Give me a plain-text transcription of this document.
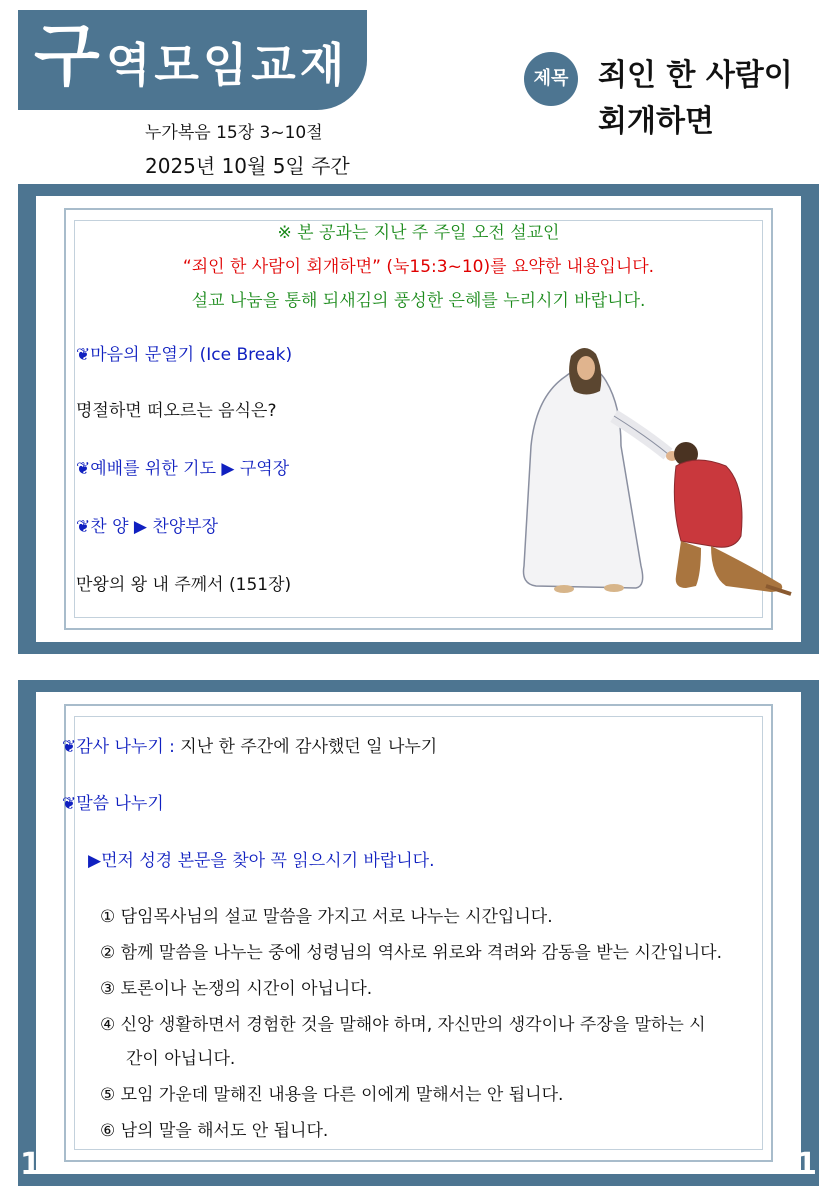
구 역모임교재
누가복음 15장 3~10절
2025년 10월 5일 주간
제목 죄인 한 사람이
회개하면
※ 본 공과는 지난 주 주일 오전 설교인
“죄인 한 사람이 회개하면” (눅15:3~10)를 요약한 내용입니다.
설교 나눔을 통해 되새김의 풍성한 은혜를 누리시기 바랍니다.
❦마음의 문열기 (Ice Break)
명절하면 떠오르는 음식은?
❦예배를 위한 기도 ▶ 구역장
❦찬 양 ▶ 찬양부장
만왕의 왕 내 주께서 (151장)
❦감사 나누기 : 지난 한 주간에 감사했던 일 나누기
❦말씀 나누기
▶먼저 성경 본문을 찾아 꼭 읽으시기 바랍니다.
① 담임목사님의 설교 말씀을 가지고 서로 나누는 시간입니다.
② 함께 말씀을 나누는 중에 성령님의 역사로 위로와 격려와 감동을 받는 시간입니다.
③ 토론이나 논쟁의 시간이 아닙니다.
④ 신앙 생활하면서 경험한 것을 말해야 하며, 자신만의 생각이나 주장을 말하는 시
간이 아닙니다.
⑤ 모임 가운데 말해진 내용을 다른 이에게 말해서는 안 됩니다.
⑥ 남의 말을 해서도 안 됩니다.
1	1
